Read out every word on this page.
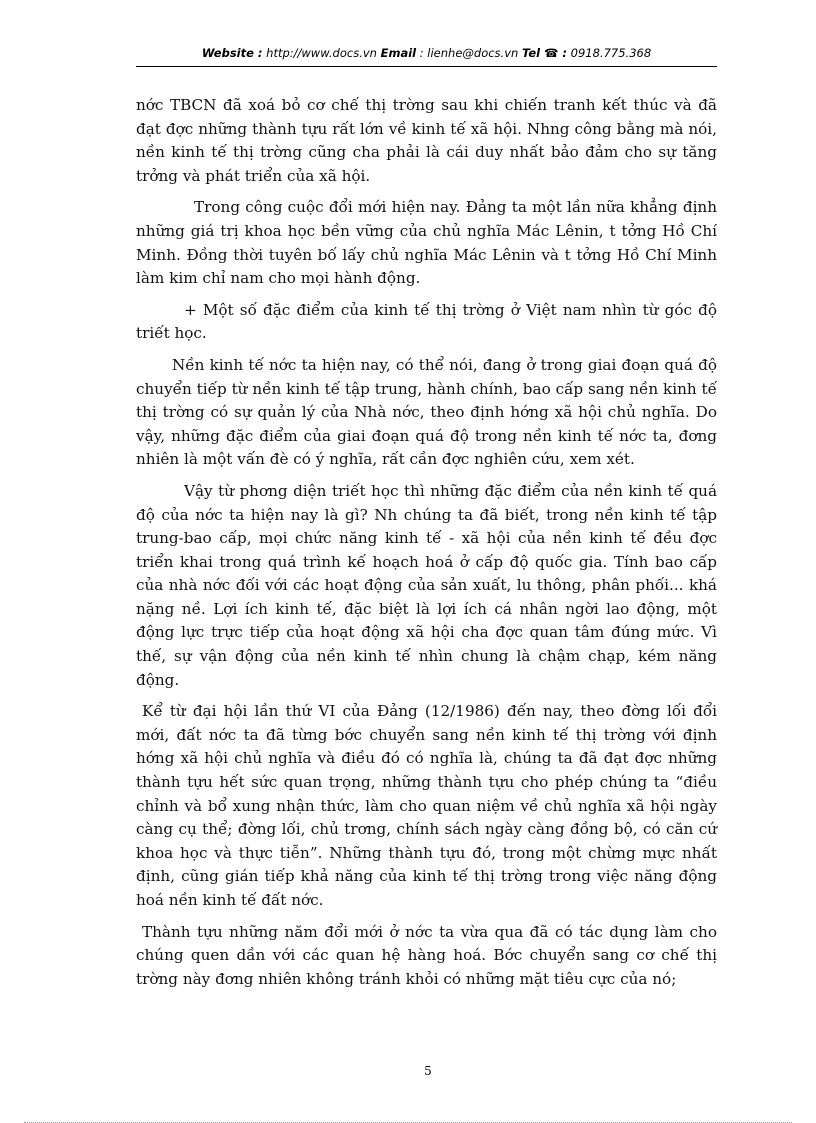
Website : http://www.docs.vn Email : lienhe@docs.vn Tel ☎ : 0918.775.368

nớc TBCN đã xoá bỏ cơ chế thị trờng sau khi chiến tranh kết thúc và đã đạt đợc những thành tựu rất lớn về kinh tế xã hội. Nhng công bằng mà nói, nền kinh tế thị trờng cũng cha phải là cái duy nhất bảo đảm cho sự tăng trởng và phát triển của xã hội.

Trong công cuộc đổi mới hiện nay. Đảng ta một lần nữa khẳng định những giá trị khoa học bền vững của chủ nghĩa Mác Lênin, t tởng Hồ Chí Minh. Đồng thời tuyên bố lấy chủ nghĩa Mác Lênin và t tởng Hồ Chí Minh làm kim chỉ nam cho mọi hành động.

+ Một số đặc điểm của kinh tế thị trờng ở Việt nam nhìn từ góc độ triết học.

Nền kinh tế nớc ta hiện nay, có thể nói, đang ở trong giai đoạn quá độ chuyển tiếp từ nền kinh tế tập trung, hành chính, bao cấp sang nền kinh tế thị trờng có sự quản lý của Nhà nớc, theo định hớng xã hội chủ nghĩa. Do vậy, những đặc điểm của giai đoạn quá độ trong nền kinh tế nớc ta, đơng nhiên là một vấn đè có ý nghĩa, rất cần đợc nghiên cứu, xem xét.

Vậy từ phơng diện triết học thì những đặc điểm của nền kinh tế quá độ của nớc ta hiện nay là gì? Nh chúng ta đã biết, trong nền kinh tế tập trung-bao cấp, mọi chức năng kinh tế - xã hội của nền kinh tế đều đợc triển khai trong quá trình kế hoạch hoá ở cấp độ quốc gia. Tính bao cấp của nhà nớc đối với các hoạt động của sản xuất, lu thông, phân phối... khá nặng nề. Lợi ích kinh tế, đặc biệt là lợi ích cá nhân ngời lao động, một động lực trực tiếp của hoạt động xã hội cha đợc quan tâm đúng mức. Vì thế, sự vận động của nền kinh tế nhìn chung là chậm chạp, kém năng động.

Kể từ đại hội lần thứ VI của Đảng (12/1986) đến nay, theo đờng lối đổi mới, đất nớc ta đã từng bớc chuyển sang nền kinh tế thị trờng với định hớng xã hội chủ nghĩa và điều đó có nghĩa là, chúng ta đã đạt đợc những thành tựu hết sức quan trọng, những thành tựu cho phép chúng ta “điều chỉnh và bổ xung nhận thức, làm cho quan niệm về chủ nghĩa xã hội ngày càng cụ thể; đờng lối, chủ trơng, chính sách ngày càng đồng bộ, có căn cứ khoa học và thực tiễn”. Những thành tựu đó, trong một chừng mực nhất định, cũng gián tiếp khả năng của kinh tế thị trờng trong việc năng động hoá nền kinh tế đất nớc.

Thành tựu những năm đổi mới ở nớc ta vừa qua đã có tác dụng làm cho chúng quen dần với các quan hệ hàng hoá. Bớc chuyển sang cơ chế thị trờng này đơng nhiên không tránh khỏi có những mặt tiêu cực của nó;

5
